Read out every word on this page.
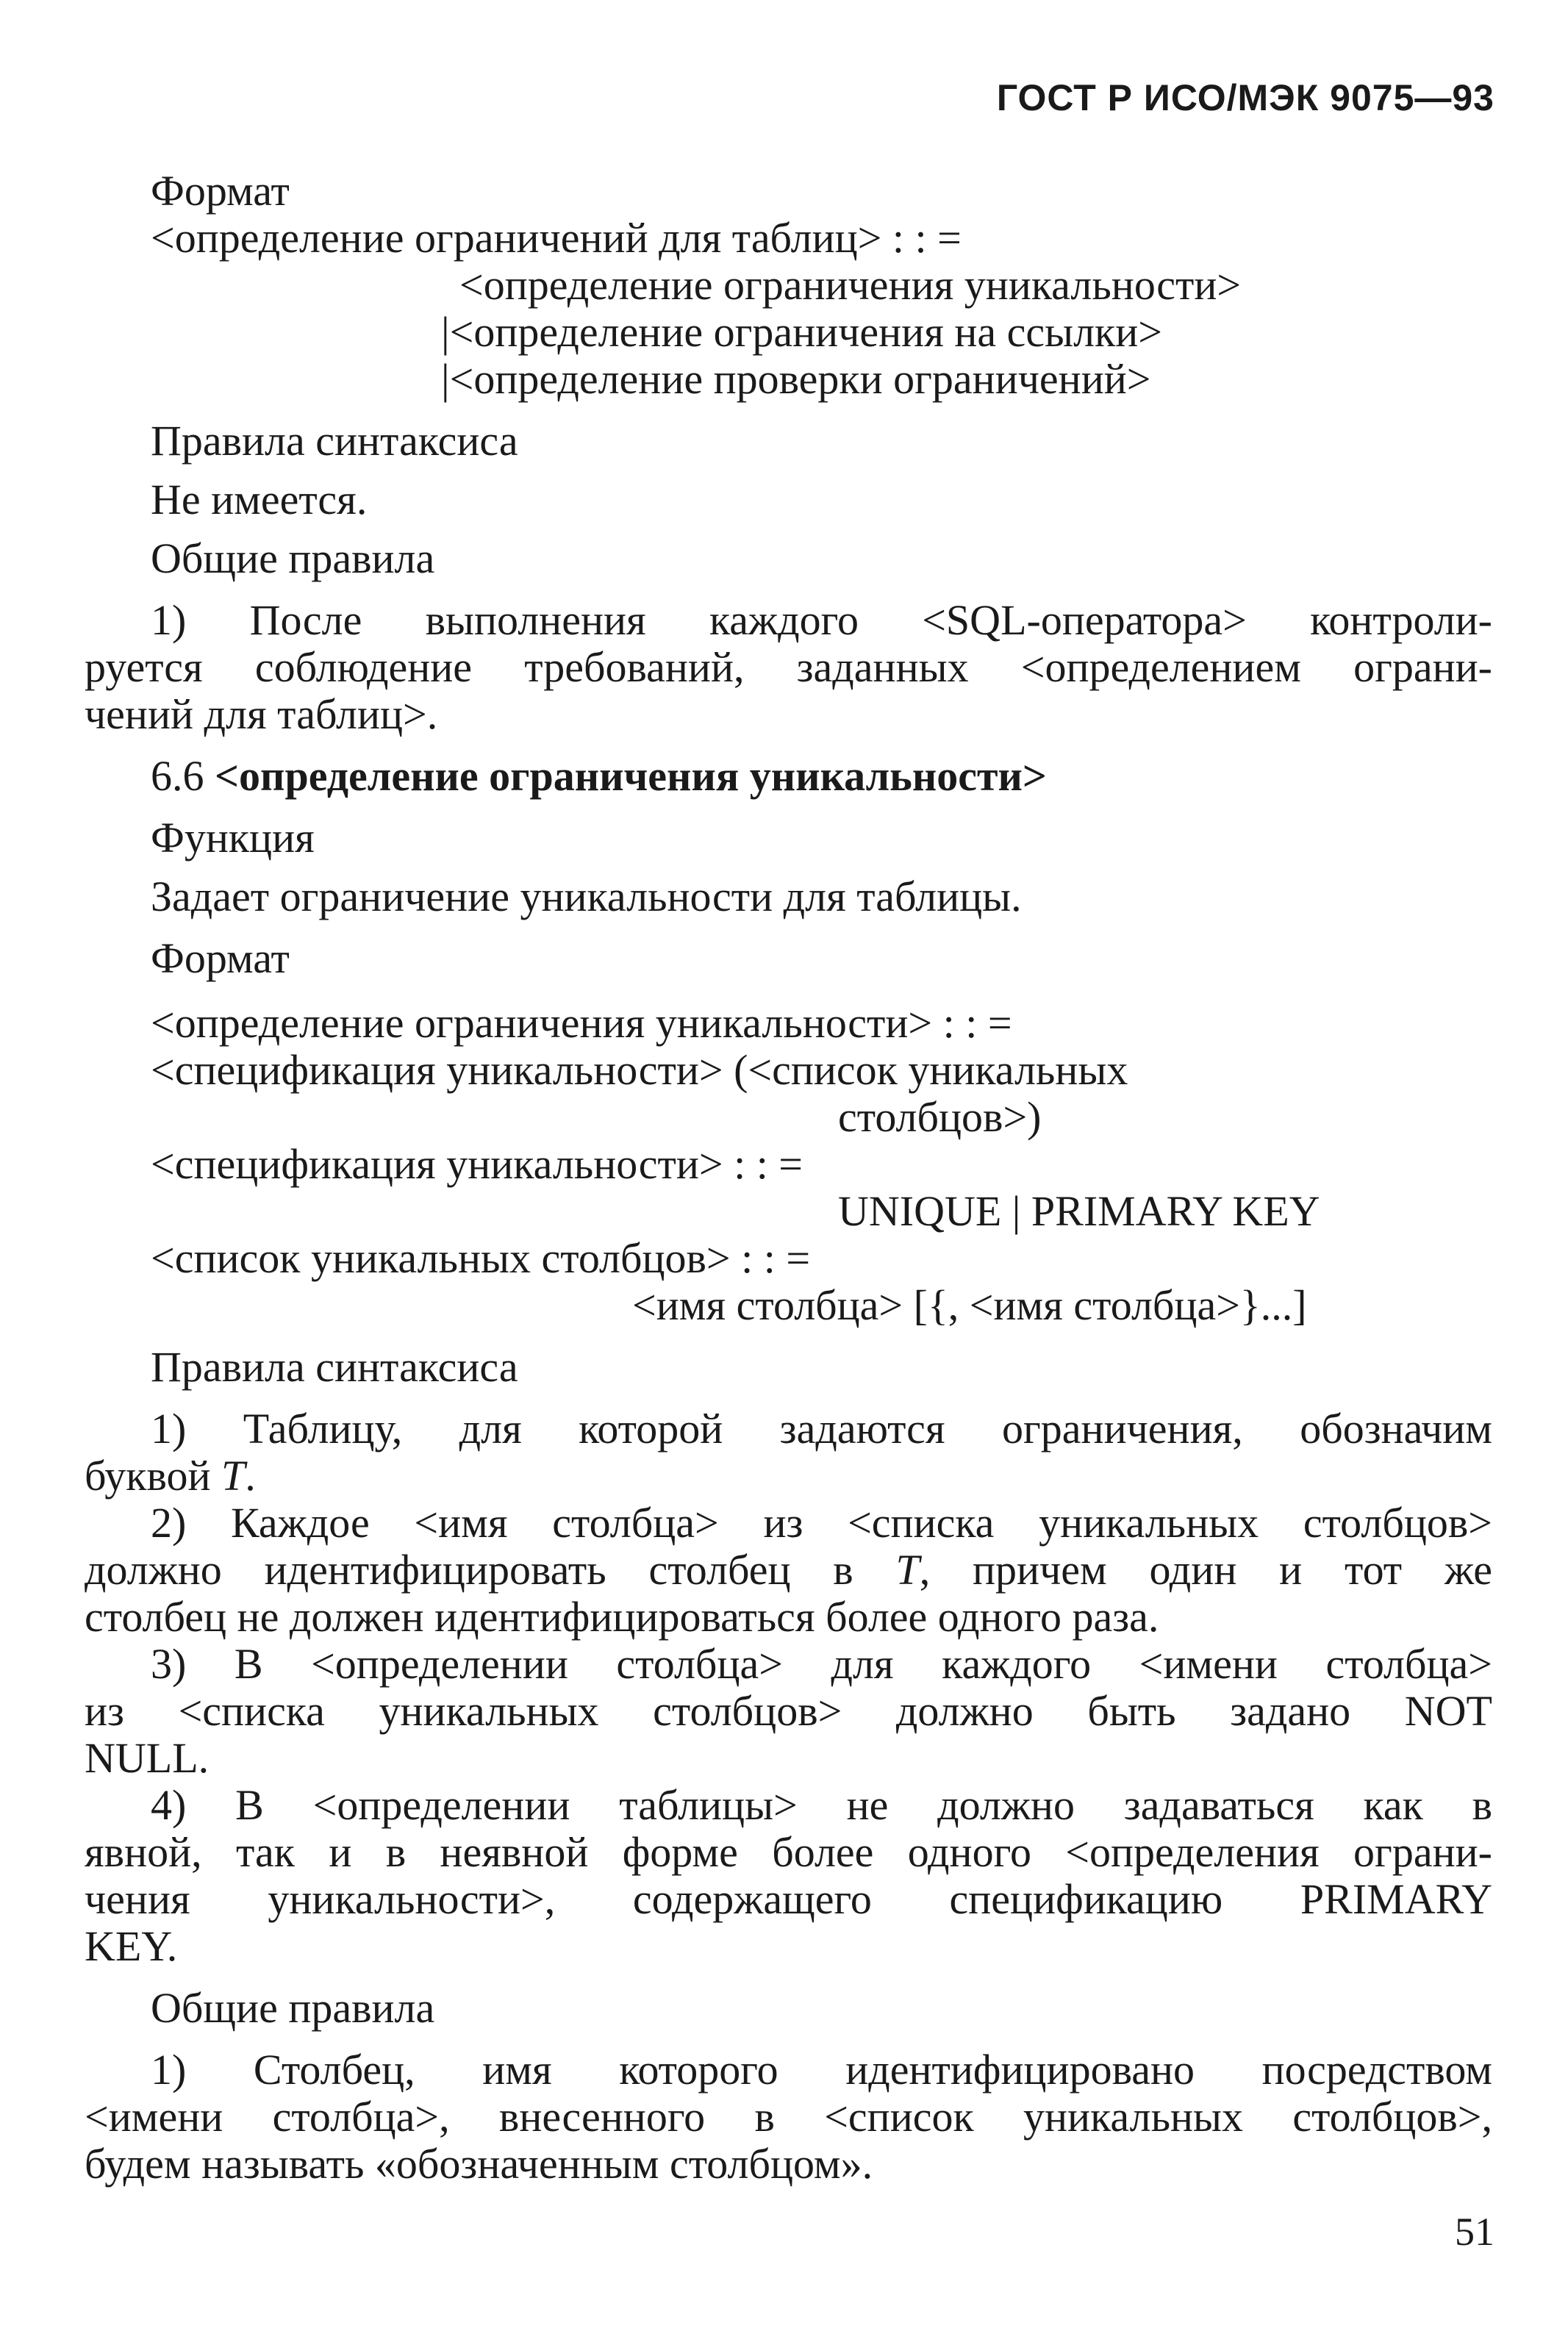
ГОСТ Р ИСО/МЭК 9075—93
Формат
<определение ограничений для таблиц> : : =
<определение ограничения уникальности>
|<определение ограничения на ссылки>
|<определение проверки ограничений>
Правила синтаксиса
Не имеется.
Общие правила
1) После выполнения каждого <SQL-оператора> контроли-
руется соблюдение требований, заданных <определением ограни-
чений для таблиц>.
6.6 <определение ограничения уникальности>
Функция
Задает ограничение уникальности для таблицы.
Формат
<определение ограничения уникальности> : : =
<спецификация уникальности> (<список уникальных
столбцов>)
<спецификация уникальности> : : =
UNIQUE | PRIMARY KEY
<список уникальных столбцов> : : =
<имя столбца> [{, <имя столбца>}...]
Правила синтаксиса
1) Таблицу, для которой задаются ограничения, обозначим
буквой T.
2) Каждое <имя столбца> из <списка уникальных столбцов>
должно идентифицировать столбец в T, причем один и тот же
столбец не должен идентифицироваться более одного раза.
3) В <определении столбца> для каждого <имени столбца>
из <списка уникальных столбцов> должно быть задано NOT
NULL.
4) В <определении таблицы> не должно задаваться как в
явной, так и в неявной форме более одного <определения ограни-
чения уникальности>, содержащего спецификацию PRIMARY
KEY.
Общие правила
1) Столбец, имя которого идентифицировано посредством
<имени столбца>, внесенного в <список уникальных столбцов>,
будем называть «обозначенным столбцом».
51
